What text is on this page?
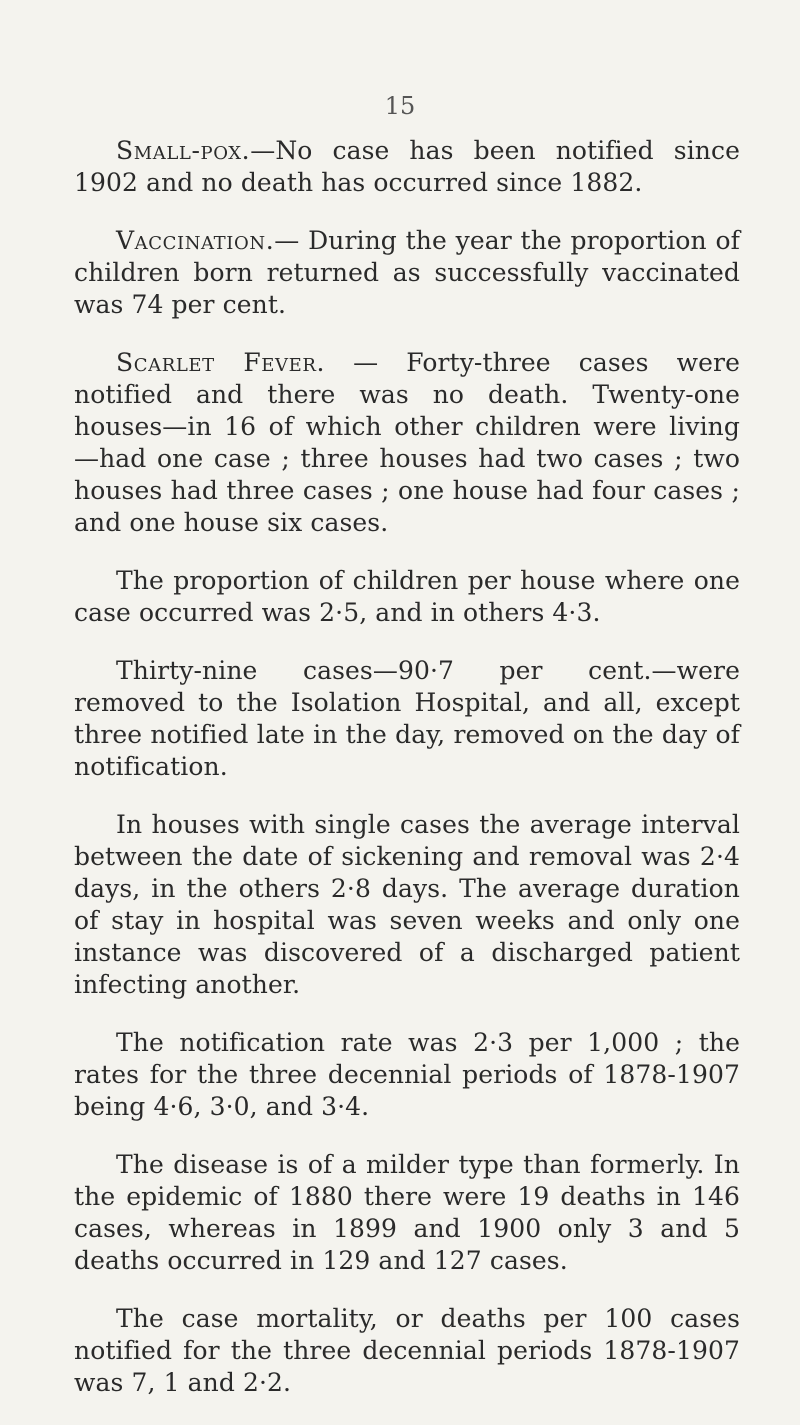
15

Small-pox.—No case has been notified since 1902 and no death has occurred since 1882.

Vaccination.— During the year the proportion of children born returned as successfully vaccinated was 74 per cent.

Scarlet Fever. — Forty-three cases were notified and there was no death. Twenty-one houses—in 16 of which other children were living —had one case ; three houses had two cases ; two houses had three cases ; one house had four cases ; and one house six cases.

The proportion of children per house where one case occurred was 2·5, and in others 4·3.

Thirty-nine cases—90·7 per cent.—were removed to the Isolation Hospital, and all, except three notified late in the day, removed on the day of notification.

In houses with single cases the average interval between the date of sickening and removal was 2·4 days, in the others 2·8 days. The average duration of stay in hospital was seven weeks and only one instance was discovered of a discharged patient infecting another.

The notification rate was 2·3 per 1,000 ; the rates for the three decennial periods of 1878-1907 being 4·6, 3·0, and 3·4.

The disease is of a milder type than formerly. In the epidemic of 1880 there were 19 deaths in 146 cases, whereas in 1899 and 1900 only 3 and 5 deaths occurred in 129 and 127 cases.

The case mortality, or deaths per 100 cases notified for the three decennial periods 1878-1907 was 7, 1 and 2·2.
